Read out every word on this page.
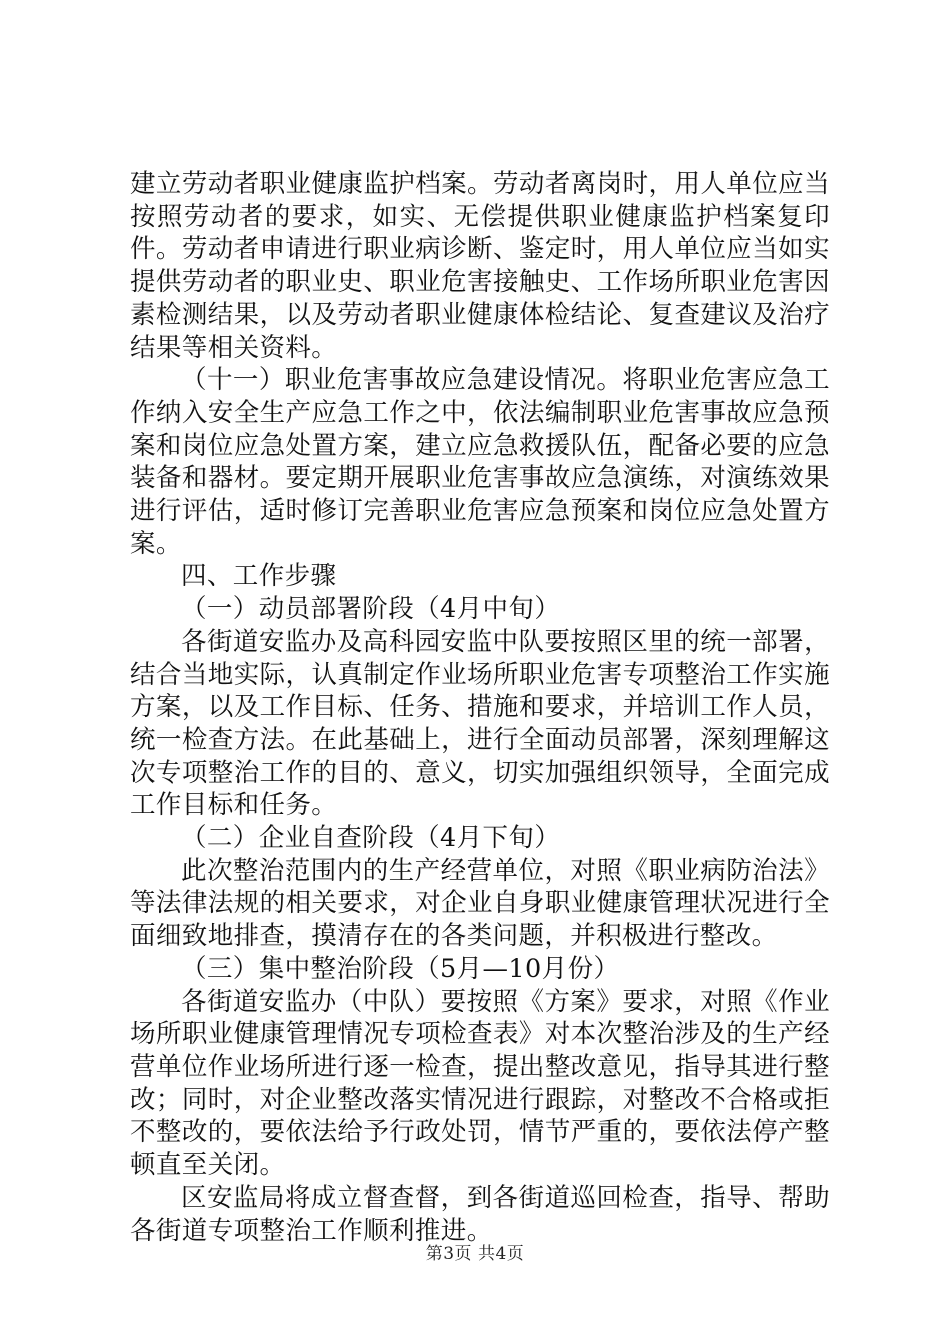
建立劳动者职业健康监护档案。劳动者离岗时，用人单位应当按照劳动者的要求，如实、无偿提供职业健康监护档案复印件。劳动者申请进行职业病诊断、鉴定时，用人单位应当如实提供劳动者的职业史、职业危害接触史、工作场所职业危害因素检测结果，以及劳动者职业健康体检结论、复查建议及治疗结果等相关资料。

（十一）职业危害事故应急建设情况。将职业危害应急工作纳入安全生产应急工作之中，依法编制职业危害事故应急预案和岗位应急处置方案，建立应急救援队伍，配备必要的应急装备和器材。要定期开展职业危害事故应急演练，对演练效果进行评估，适时修订完善职业危害应急预案和岗位应急处置方案。

四、工作步骤

（一）动员部署阶段（4月中旬）

各街道安监办及高科园安监中队要按照区里的统一部署，结合当地实际，认真制定作业场所职业危害专项整治工作实施方案，以及工作目标、任务、措施和要求，并培训工作人员，统一检查方法。在此基础上，进行全面动员部署，深刻理解这次专项整治工作的目的、意义，切实加强组织领导，全面完成工作目标和任务。

（二）企业自查阶段（4月下旬）

此次整治范围内的生产经营单位，对照《职业病防治法》等法律法规的相关要求，对企业自身职业健康管理状况进行全面细致地排查，摸清存在的各类问题，并积极进行整改。

（三）集中整治阶段（5月—10月份）

各街道安监办（中队）要按照《方案》要求，对照《作业场所职业健康管理情况专项检查表》对本次整治涉及的生产经营单位作业场所进行逐一检查，提出整改意见，指导其进行整改；同时，对企业整改落实情况进行跟踪，对整改不合格或拒不整改的，要依法给予行政处罚，情节严重的，要依法停产整顿直至关闭。

区安监局将成立督查督，到各街道巡回检查，指导、帮助各街道专项整治工作顺利推进。

第3页 共4页
